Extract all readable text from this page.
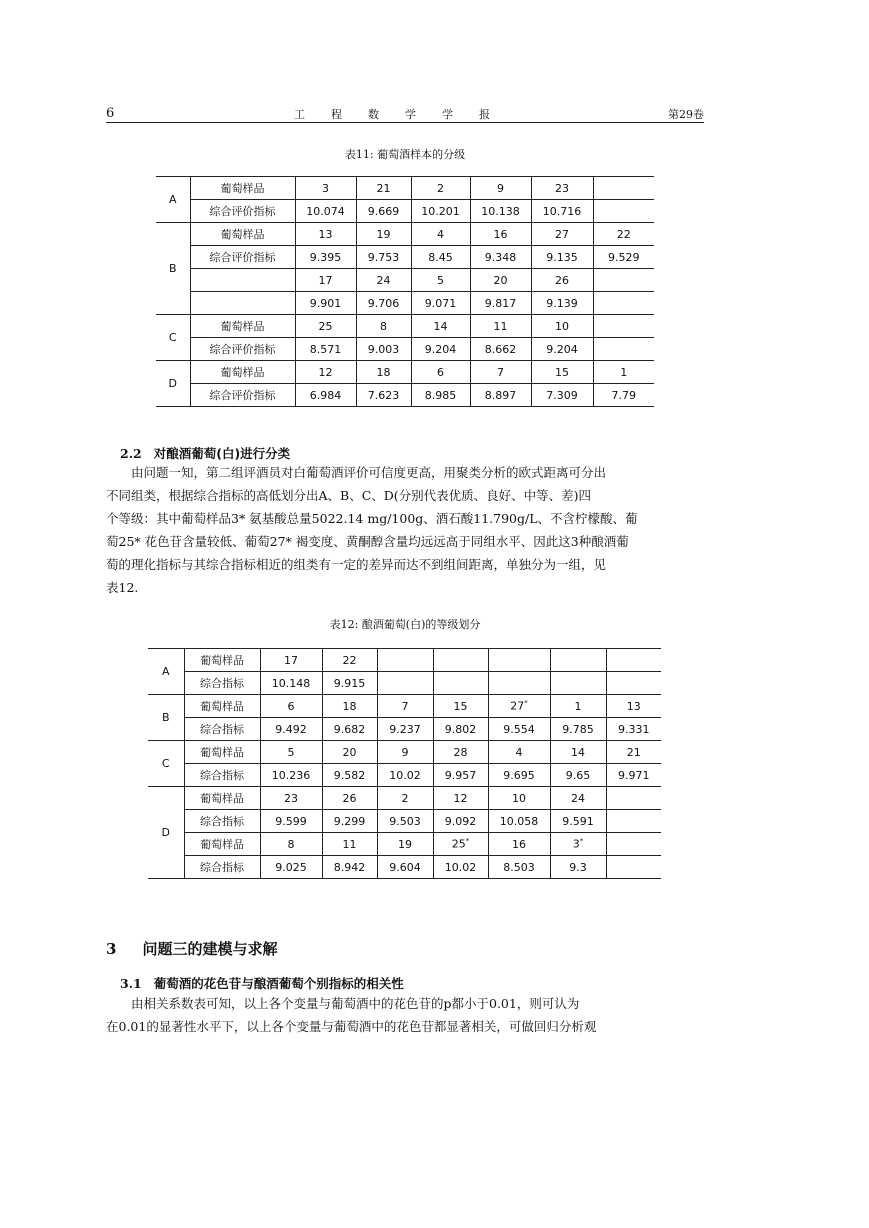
6	工程数学学报	第29卷
表11: 葡萄酒样本的分级
A	葡萄样品	3	21	2	9	23	
	综合评价指标	10.074	9.669	10.201	10.138	10.716	
B	葡萄样品	13	19	4	16	27	22
	综合评价指标	9.395	9.753	8.45	9.348	9.135	9.529
		17	24	5	20	26	
		9.901	9.706	9.071	9.817	9.139	
C	葡萄样品	25	8	14	11	10	
	综合评价指标	8.571	9.003	9.204	8.662	9.204	
D	葡萄样品	12	18	6	7	15	1
	综合评价指标	6.984	7.623	8.985	8.897	7.309	7.79
2.2 对酿酒葡萄(白)进行分类
由问题一知，第二组评酒员对白葡萄酒评价可信度更高，用聚类分析的欧式距离可分出
不同组类，根据综合指标的高低划分出A、B、C、D(分别代表优质、良好、中等、差)四
个等级：其中葡萄样品3* 氨基酸总量5022.14 mg/100g、酒石酸11.790g/L、不含柠檬酸、葡
萄25* 花色苷含量较低、葡萄27* 褐变度、黄酮醇含量均远远高于同组水平、因此这3种酿酒葡
萄的理化指标与其综合指标相近的组类有一定的差异而达不到组间距离，单独分为一组，见
表12.
表12: 酿酒葡萄(白)的等级划分
A	葡萄样品	17	22					
	综合指标	10.148	9.915					
B	葡萄样品	6	18	7	15	27*	1	13
	综合指标	9.492	9.682	9.237	9.802	9.554	9.785	9.331
C	葡萄样品	5	20	9	28	4	14	21
	综合指标	10.236	9.582	10.02	9.957	9.695	9.65	9.971
D	葡萄样品	23	26	2	12	10	24	
	综合指标	9.599	9.299	9.503	9.092	10.058	9.591	
	葡萄样品	8	11	19	25*	16	3*	
	综合指标	9.025	8.942	9.604	10.02	8.503	9.3	
3 问题三的建模与求解
3.1 葡萄酒的花色苷与酿酒葡萄个别指标的相关性
由相关系数表可知，以上各个变量与葡萄酒中的花色苷的p都小于0.01，则可认为
在0.01的显著性水平下，以上各个变量与葡萄酒中的花色苷都显著相关，可做回归分析观
